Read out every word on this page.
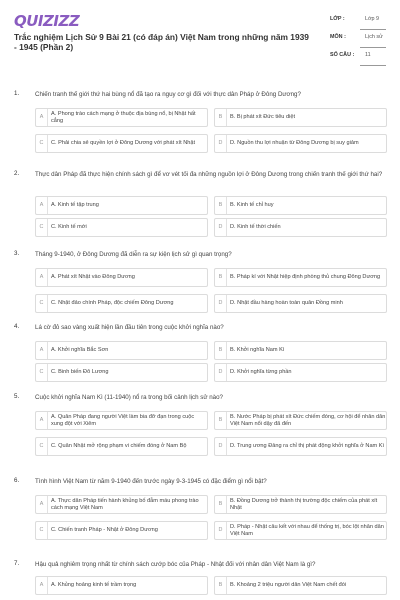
QUIZIZZ
Trắc nghiệm Lịch Sử 9 Bài 21 (có đáp án) Việt Nam trong những năm 1939 - 1945 (Phần 2)
LỚP :	Lớp 9
MÔN :	Lịch sử
SỐ CÂU : 11
1.	Chiến tranh thế giới thứ hai bùng nổ đã tạo ra nguy cơ gì đối với thực dân Pháp ở Đông Dương?
A
A. Phong trào cách mạng ở thuộc địa bùng nổ, bị Nhật hất cẳng
B	B. Bị phát xít Đức tiêu diệt
C	C. Phải chia sẻ quyền lợi ở Đông Dương với phát xít Nhật	D	D. Nguồn thu lợi nhuận từ Đông Dương bị suy giảm
2.	Thực dân Pháp đã thực hiện chính sách gì để vơ vét tối đa những nguồn lợi ở Đông Dương trong chiến tranh thế giới thứ hai?
A	A. Kinh tế tập trung	B	B. Kinh tế chỉ huy
C	C. Kinh tế mới	D	D. Kinh tế thời chiến
3.	Tháng 9-1940, ở Đông Dương đã diễn ra sự kiện lịch sử gì quan trọng?
A	A. Phát xít Nhật vào Đông Dương	B	B. Pháp kí với Nhật hiệp định phòng thủ chung Đông Dương
C	C. Nhật đảo chính Pháp, độc chiếm Đông Dương	D	D. Nhật đầu hàng hoàn toàn quân Đồng minh
4.	Lá cờ đỏ sao vàng xuất hiện lần đầu tiên trong cuộc khởi nghĩa nào?
A	A. Khởi nghĩa Bắc Sơn	B	B. Khởi nghĩa Nam Kì
C	C. Binh biến Đô Lương	D	D. Khởi nghĩa từng phần
5.	Cuộc khởi nghĩa Nam Kì (11-1940) nổ ra trong bối cảnh lịch sử nào?
A
A. Quân Pháp đang người Việt làm bia đỡ đạn trong cuộc xung đột với Xiêm
B
B. Nước Pháp bị phát xít Đức chiếm đóng, cơ hội để nhân dân Việt Nam nổi dậy đã đến
C	C. Quân Nhật mở rộng phạm vi chiếm đóng ở Nam Bộ	D	D. Trung ương Đảng ra chỉ thị phát động khởi nghĩa ở Nam Kì
6.	Tình hình Việt Nam từ năm 9-1940 đến trước ngày 9-3-1945 có đặc điểm gì nổi bật?
A
A. Thực dân Pháp tiến hành khủng bố đẫm máu phong trào cách mạng Việt Nam
B
B. Đồng Dương trở thành thị trường độc chiếm của phát xít Nhật
C	C. Chiến tranh Pháp - Nhật ở Đông Dương	D
D. Pháp - Nhật câu kết với nhau để thống trị, bóc lột nhân dân Việt Nam
7.	Hậu quả nghiêm trọng nhất từ chính sách cướp bóc của Pháp - Nhật đối với nhân dân Việt Nam là gì?
A	A. Khủng hoảng kinh tế trầm trọng	B	B. Khoảng 2 triệu người dân Việt Nam chết đói
